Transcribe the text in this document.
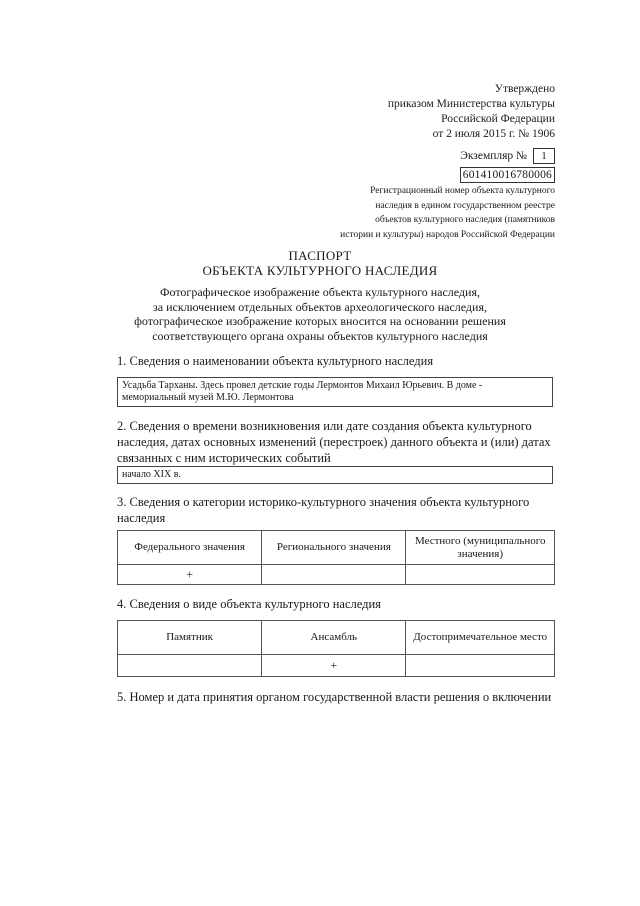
Утверждено
приказом Министерства культуры
Российской Федерации
от 2 июля 2015 г. № 1906
Экземпляр №	1
601410016780006
Регистрационный номер объекта культурного
наследия в едином государственном реестре
объектов культурного наследия (памятников
истории и культуры) народов Российской Федерации
ПАСПОРТ
ОБЪЕКТА КУЛЬТУРНОГО НАСЛЕДИЯ
Фотографическое изображение объекта культурного наследия,
за исключением отдельных объектов археологического наследия,
фотографическое изображение которых вносится на основании решения
соответствующего органа охраны объектов культурного наследия
1. Сведения о наименовании объекта культурного наследия
Усадьба Тарханы. Здесь провел детские годы Лермонтов Михаил Юрьевич. В доме -
мемориальный музей М.Ю. Лермонтова
2. Сведения о времени возникновения или дате создания объекта культурного
наследия, датах основных изменений (перестроек) данного объекта и (или) датах
связанных с ним исторических событий
начало XIX в.
3. Сведения о категории историко-культурного значения объекта культурного
наследия
Федерального значения	Регионального значения	Местного (муниципального значения)
+		
4. Сведения о виде объекта культурного наследия
Памятник	Ансамбль	Достопримечательное место
	+	
5. Номер и дата принятия органом государственной власти решения о включении
